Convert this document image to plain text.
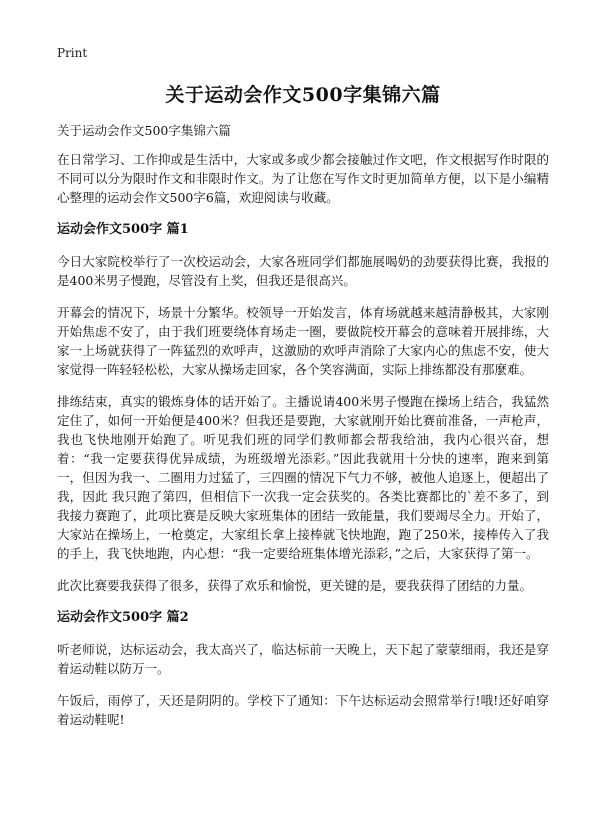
Print
关于运动会作文500字集锦六篇

关于运动会作文500字集锦六篇

在日常学习、工作抑或是生活中，大家或多或少都会接触过作文吧，作文根据写作时限的不同可以分为限时作文和非限时作文。为了让您在写作文时更加简单方便，以下是小编精心整理的运动会作文500字6篇，欢迎阅读与收藏。

运动会作文500字 篇1

今日大家院校举行了一次校运动会，大家各班同学们都施展喝奶的劲要获得比赛，我报的是400米男子慢跑，尽管没有上奖，但我还是很高兴。

开幕会的情况下，场景十分繁华。校领导一开始发言，体育场就越来越清静极其，大家刚开始焦虑不安了，由于我们班要绕体育场走一圈，要做院校开幕会的意味着开展排练，大家一上场就获得了一阵猛烈的欢呼声，这激励的欢呼声消除了大家内心的焦虑不安，使大家觉得一阵轻轻松松，大家从操场走回家，各个笑容满面，实际上排练都没有那麼难。

排练结束，真实的锻炼身体的话开始了。主播说请400米男子慢跑在操场上结合，我猛然定住了，如何一开始便是400米？但我还是要跑，大家就刚开始比赛前准备，一声枪声，我也飞快地刚开始跑了。听见我们班的同学们教师都会帮我给油，我内心很兴奋，想着：“我一定要获得优异成绩，为班级增光添彩。”因此我就用十分快的速率，跑来到第一，但因为我一、二圈用力过猛了，三四圈的情况下气力不够，被他人追逐上，便超出了我，因此 我只跑了第四，但相信下一次我一定会获奖的。各类比赛都比的`差不多了，到我接力赛跑了，此项比赛是反映大家班集体的团结一致能量，我们要竭尽全力。开始了，大家站在操场上，一枪奠定，大家组长拿上接棒就飞快地跑，跑了250米，接棒传入了我的手上，我飞快地跑，内心想：“我一定要给班集体增光添彩，”之后，大家获得了第一。

此次比赛要我获得了很多，获得了欢乐和愉悦，更关键的是，要我获得了团结的力量。

运动会作文500字 篇2

听老师说，达标运动会，我太高兴了，临达标前一天晚上，天下起了蒙蒙细雨，我还是穿着运动鞋以防万一。

午饭后，雨停了，天还是阴阴的。学校下了通知：下午达标运动会照常举行!哦!还好咱穿着运动鞋呢!
